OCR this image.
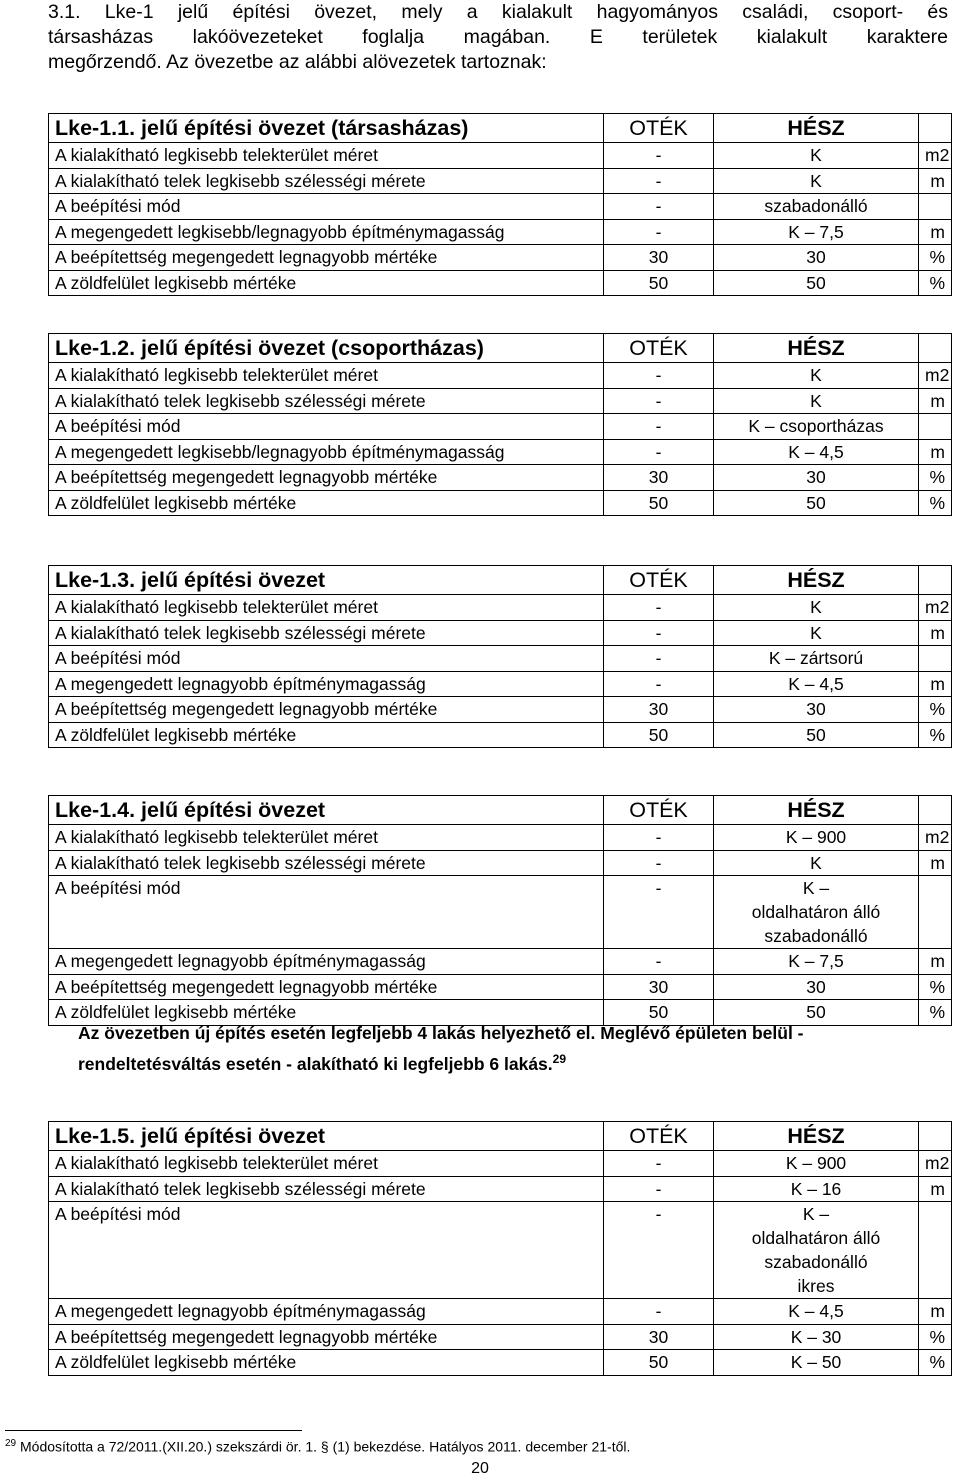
3.1. Lke-1 jelű építési övezet, mely a kialakult hagyományos családi, csoport- és
társasházas lakóövezeteket foglalja magában. E területek kialakult karaktere
megőrzendő. Az övezetbe az alábbi alövezetek tartoznak:
Lke-1.1. jelű építési övezet (társasházas)	OTÉK	HÉSZ	
A kialakítható legkisebb telekterület méret	-	K	m2
A kialakítható telek legkisebb szélességi mérete	-	K	m
A beépítési mód	-	szabadonálló	
A megengedett legkisebb/legnagyobb építménymagasság	-	K – 7,5	m
A beépítettség megengedett legnagyobb mértéke	30	30	%
A zöldfelület legkisebb mértéke	50	50	%
Lke-1.2. jelű építési övezet (csoportházas)	OTÉK	HÉSZ	
A kialakítható legkisebb telekterület méret	-	K	m2
A kialakítható telek legkisebb szélességi mérete	-	K	m
A beépítési mód	-	K – csoportházas	
A megengedett legkisebb/legnagyobb építménymagasság	-	K – 4,5	m
A beépítettség megengedett legnagyobb mértéke	30	30	%
A zöldfelület legkisebb mértéke	50	50	%
Lke-1.3. jelű építési övezet	OTÉK	HÉSZ	
A kialakítható legkisebb telekterület méret	-	K	m2
A kialakítható telek legkisebb szélességi mérete	-	K	m
A beépítési mód	-	K – zártsorú	
A megengedett legnagyobb építménymagasság	-	K – 4,5	m
A beépítettség megengedett legnagyobb mértéke	30	30	%
A zöldfelület legkisebb mértéke	50	50	%
Lke-1.4. jelű építési övezet	OTÉK	HÉSZ	
A kialakítható legkisebb telekterület méret	-	K – 900	m2
A kialakítható telek legkisebb szélességi mérete	-	K	m
A beépítési mód	-	K –
oldalhatáron álló
szabadonálló	
A megengedett legnagyobb építménymagasság	-	K – 7,5	m
A beépítettség megengedett legnagyobb mértéke	30	30	%
A zöldfelület legkisebb mértéke	50	50	%
Lke-1.5. jelű építési övezet	OTÉK	HÉSZ	
A kialakítható legkisebb telekterület méret	-	K – 900	m2
A kialakítható telek legkisebb szélességi mérete	-	K – 16	m
A beépítési mód	-	K –
oldalhatáron álló
szabadonálló
ikres	
A megengedett legnagyobb építménymagasság	-	K – 4,5	m
A beépítettség megengedett legnagyobb mértéke	30	K – 30	%
A zöldfelület legkisebb mértéke	50	K – 50	%

Az övezetben új építés esetén legfeljebb 4 lakás helyezhető el. Meglévő épületen belül -
rendeltetésváltás esetén - alakítható ki legfeljebb 6 lakás.$^{29}$

$^{29}$ Módosította a 72/2011.(XII.20.) szekszárdi ör. 1. § (1) bekezdése. Hatályos 2011. december 21-től.
20
